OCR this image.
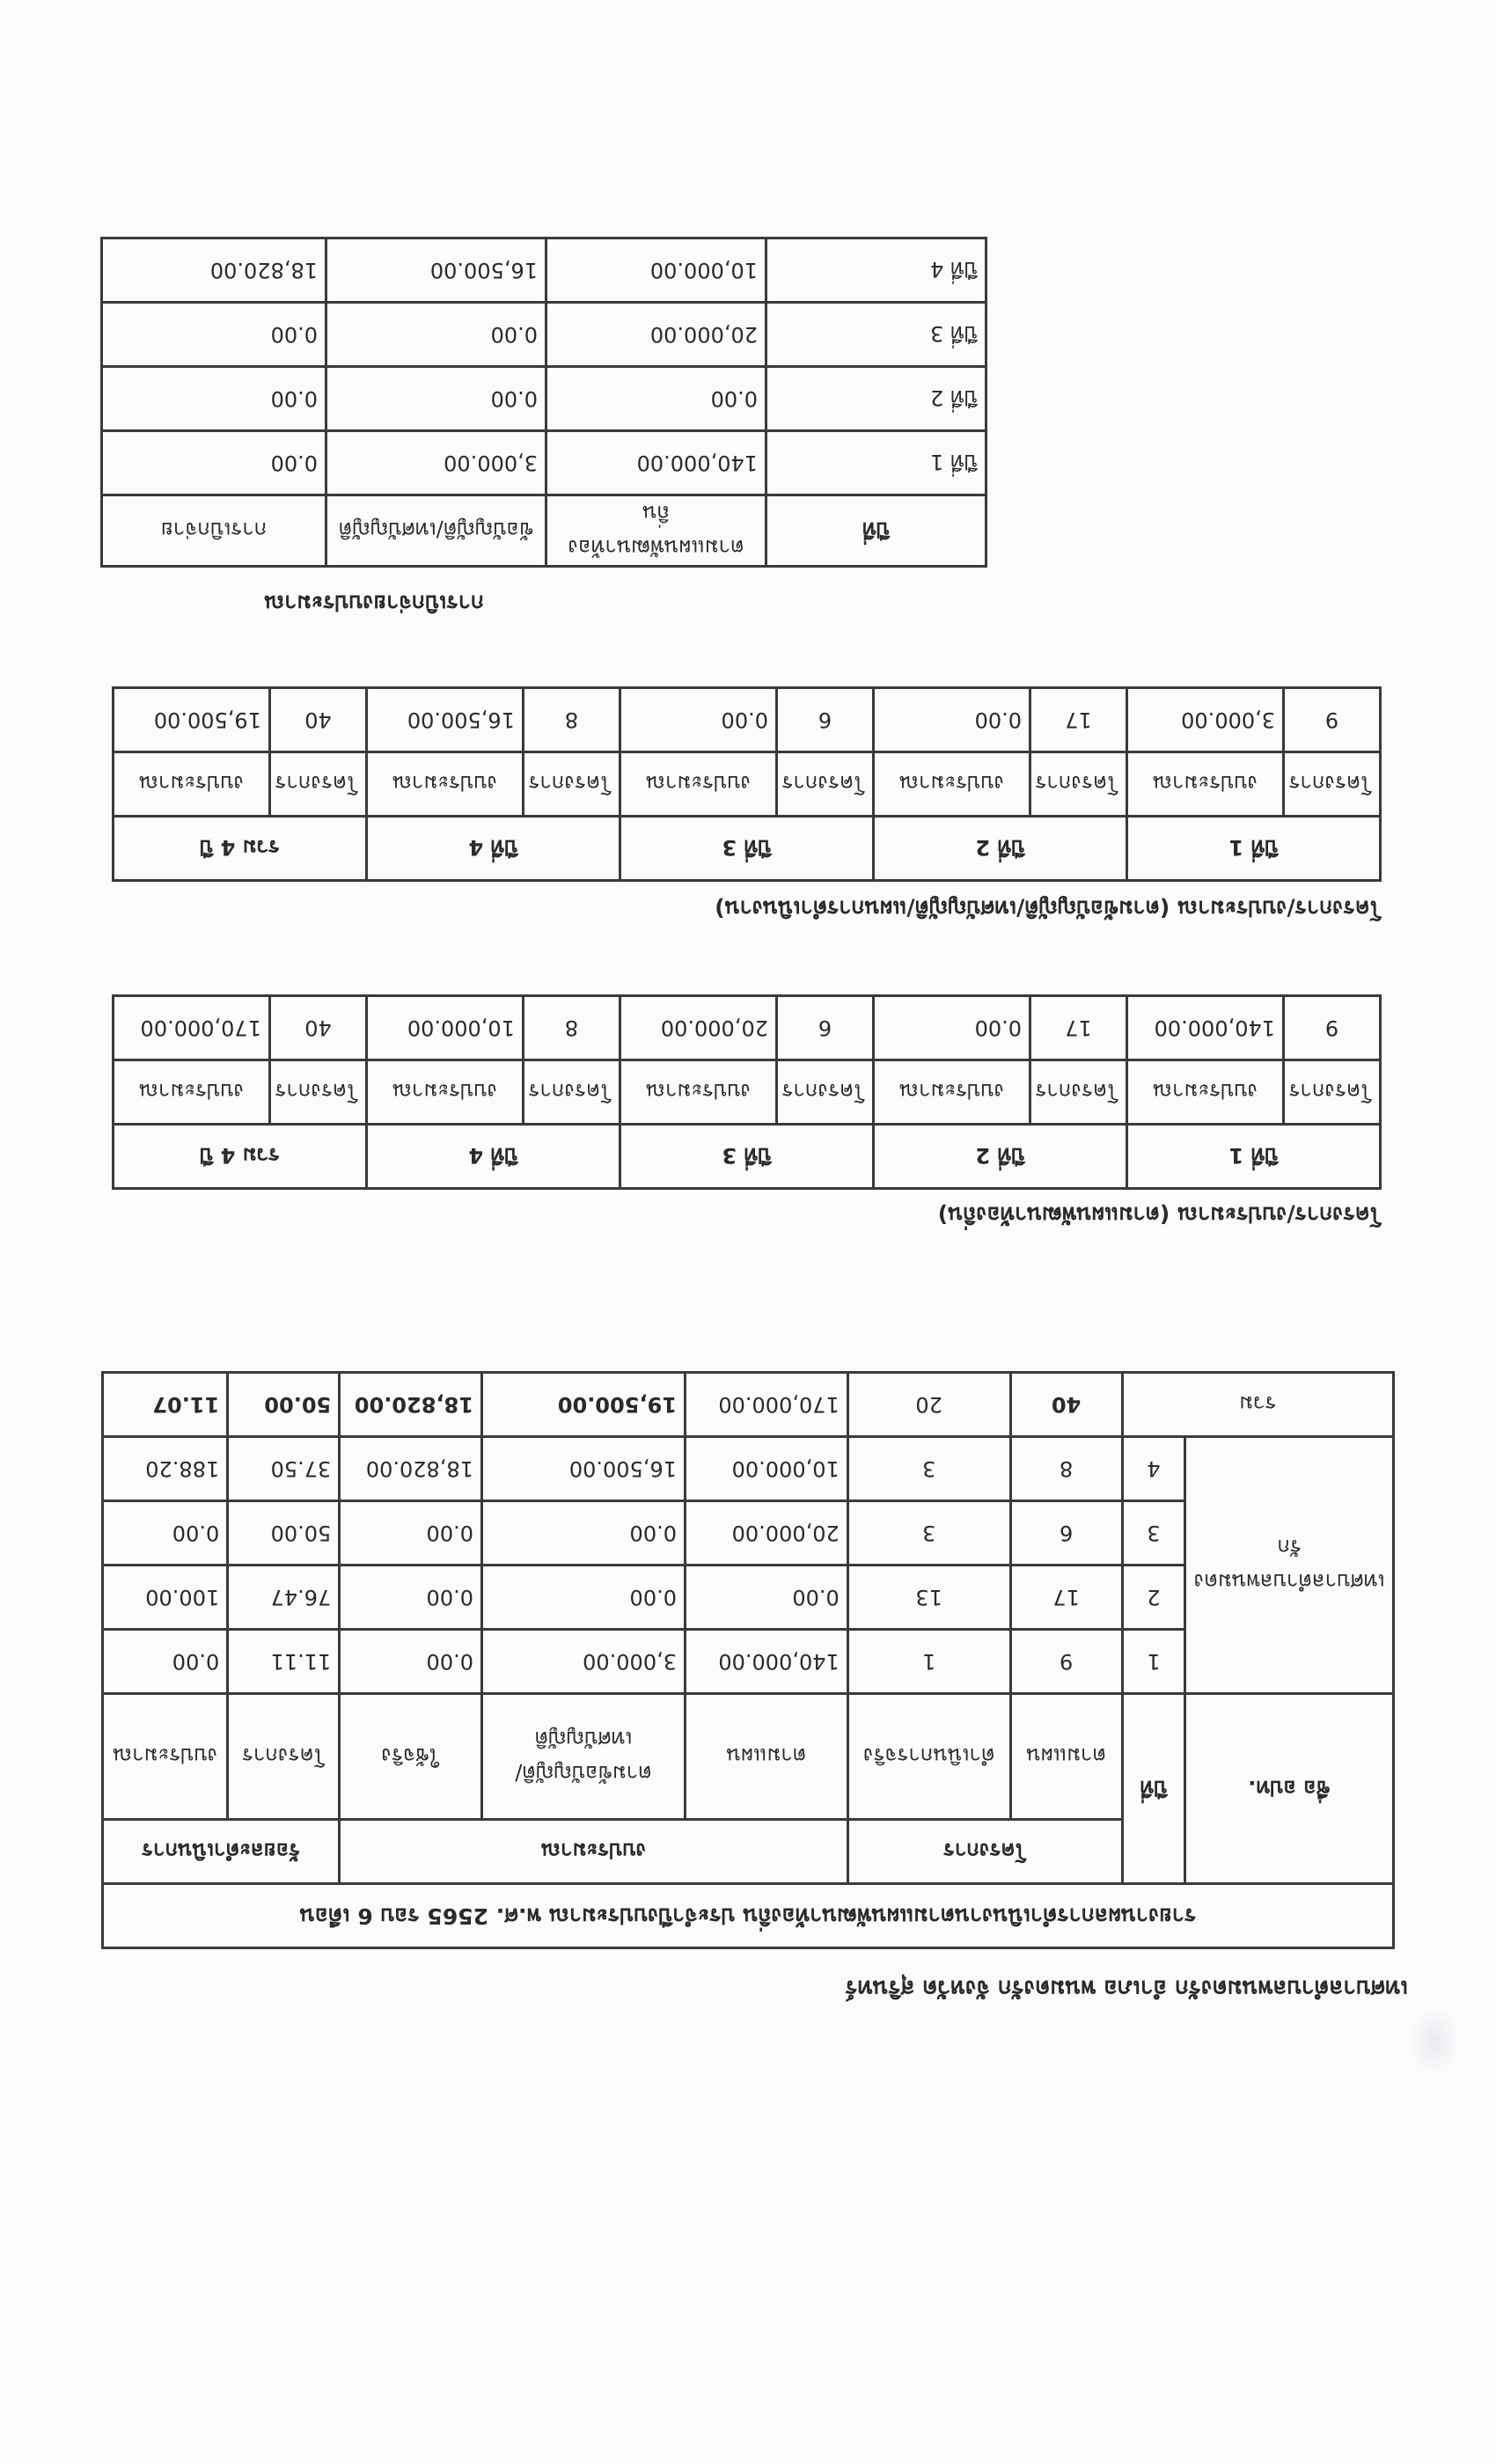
เทศบาลตำบลพนมดงรัก อำเภอ พนมดงรัก จังหวัด สุรินทร์
รายงานผลการดำเนินงานตามแผนพัฒนาท้องถิ่น ประจำปีงบประมาณ พ.ศ. 2565 รอบ 6 เดือน								
ชื่อ อปท.	ปีที่	โครงการ		งบประมาณ			ร้อยละดำเนินการ	
		ตามแผน	ดำเนินการจริง	ตามแผน	ตามข้อบัญญัติ/ เทศบัญญัติ	ใช้จริง	โครงการ	งบประมาณ
เทศบาลตำบลพนมดงรัก	1	9	1	140,000.00	3,000.00	0.00	11.11	0.00
	2	17	13	0.00	0.00	0.00	76.47	100.00
	3	6	3	20,000.00	0.00	0.00	50.00	0.00
	4	8	3	10,000.00	16,500.00	18,820.00	37.50	188.20
รวม		40	20	170,000.00	19,500.00	18,820.00	50.00	11.07
โครงการ/งบประมาณ (ตามแผนพัฒนาท้องถิ่น)
ปีที่ 1		ปีที่ 2		ปีที่ 3		ปีที่ 4		รวม 4 ปี	
โครงการ	งบประมาณ	โครงการ	งบประมาณ	โครงการ	งบประมาณ	โครงการ	งบประมาณ	โครงการ	งบประมาณ
9	140,000.00	17	0.00	6	20,000.00	8	10,000.00	40	170,000.00
โครงการ/งบประมาณ (ตามข้อบัญญัติ/เทศบัญญัติ/แผนการดำเนินงาน)
ปีที่ 1		ปีที่ 2		ปีที่ 3		ปีที่ 4		รวม 4 ปี	
โครงการ	งบประมาณ	โครงการ	งบประมาณ	โครงการ	งบประมาณ	โครงการ	งบประมาณ	โครงการ	งบประมาณ
9	3,000.00	17	0.00	6	0.00	8	16,500.00	40	19,500.00
การเบิกจ่ายงบประมาณ
ปีที่	ตามแผนพัฒนาท้องถิ่น	ข้อบัญญัติ/เทศบัญญัติ	การเบิกจ่าย
ปีที่ 1	140,000.00	3,000.00	0.00
ปีที่ 2	0.00	0.00	0.00
ปีที่ 3	20,000.00	0.00	0.00
ปีที่ 4	10,000.00	16,500.00	18,820.00
